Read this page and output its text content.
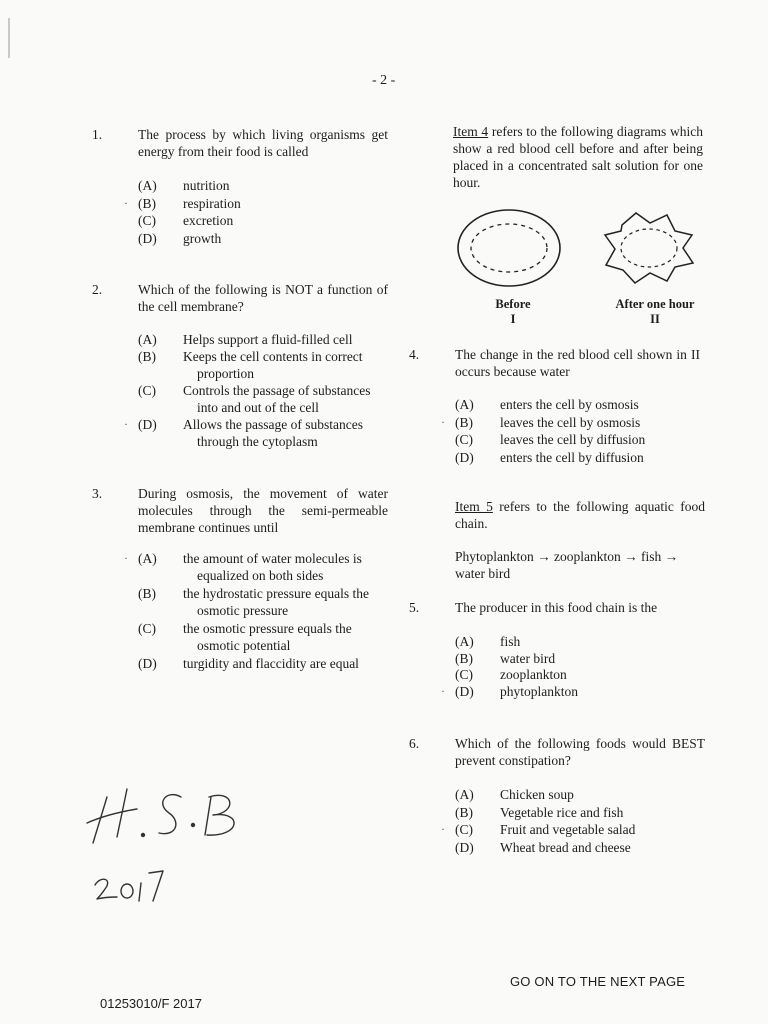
- 2 -
1.	The process by which living organisms get energy from their food is called
(A)	nutrition
· (B)	respiration
(C)	excretion
(D)	growth
2.	Which of the following is NOT a function of the cell membrane?
(A)	Helps support a fluid-filled cell
(B)	Keeps the cell contents in correct
proportion
(C)	Controls the passage of substances
into and out of the cell
· (D)	Allows the passage of substances
through the cytoplasm
3.	During osmosis, the movement of water molecules through the semi-permeable membrane continues until
· (A)	the amount of water molecules is
equalized on both sides
(B)	the hydrostatic pressure equals the
osmotic pressure
(C)	the osmotic pressure equals the
osmotic potential
(D)	turgidity and flaccidity are equal
Item 4 refers to the following diagrams which show a red blood cell before and after being placed in a concentrated salt solution for one hour.
Before
I
After one hour
II
4.	The change in the red blood cell shown in II occurs because water
(A)	enters the cell by osmosis
· (B)	leaves the cell by osmosis
(C)	leaves the cell by diffusion
(D)	enters the cell by diffusion
Item 5 refers to the following aquatic food chain.
Phytoplankton → zooplankton → fish → water bird
5.	The producer in this food chain is the
(A)	fish
(B)	water bird
(C)	zooplankton
· (D)	phytoplankton
6.	Which of the following foods would BEST prevent constipation?
(A)	Chicken soup
(B)	Vegetable rice and fish
· (C)	Fruit and vegetable salad
(D)	Wheat bread and cheese
GO ON TO THE NEXT PAGE
01253010/F 2017
